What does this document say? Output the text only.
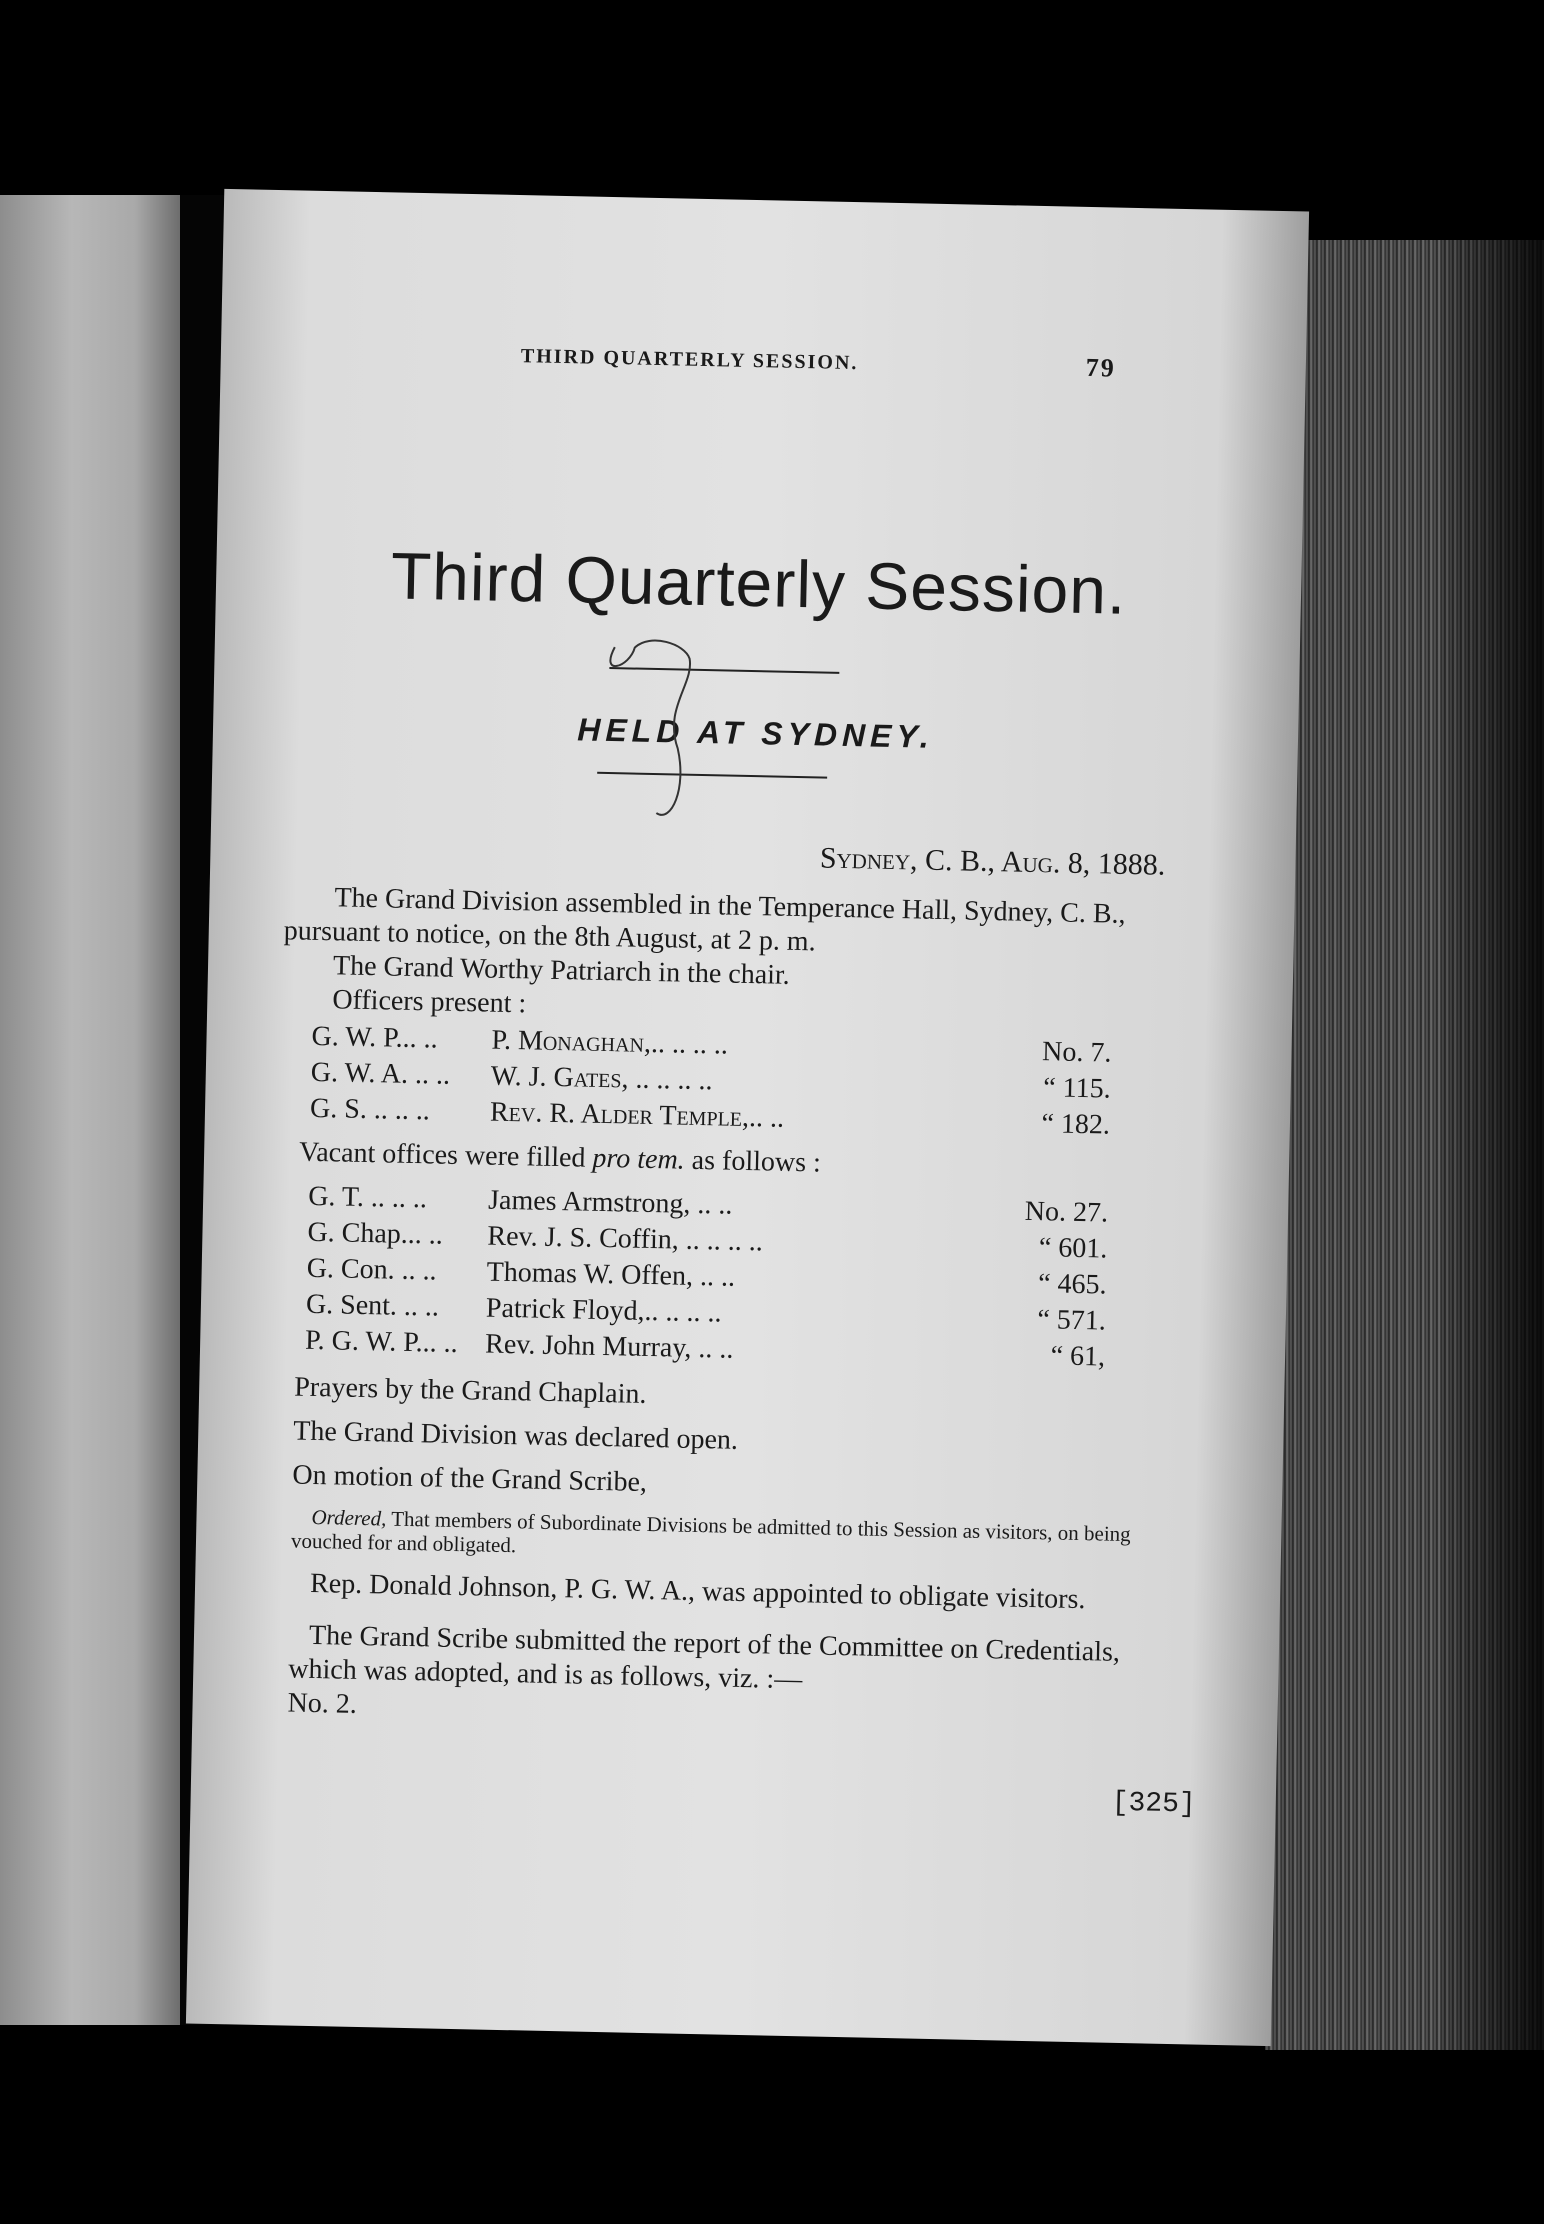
THIRD QUARTERLY SESSION.	79
Third Quarterly Session.
HELD AT SYDNEY.
Sydney, C. B., Aug. 8, 1888.

The Grand Division assembled in the Temperance Hall, Sydney, C. B., pursuant to notice, on the 8th August, at 2 p. m.

The Grand Worthy Patriarch in the chair.

Officers present :

G. W. P... .. P. Monaghan,.. .. .. ..	No. 7.
G. W. A. .. .. W. J. Gates, .. .. .. ..	“ 115.
G. S. .. .. .. Rev. R. Alder Temple,.. ..	“ 182.
Vacant offices were filled pro tem. as follows :
G. T. .. .. .. James Armstrong, .. ..	No. 27.
G. Chap... .. Rev. J. S. Coffin, .. .. .. ..	“ 601.
G. Con. .. .. Thomas W. Offen, .. ..	“ 465.
G. Sent. .. .. Patrick Floyd,.. .. .. ..	“ 571.
P. G. W. P... .. Rev. John Murray, .. ..	“ 61,

Prayers by the Grand Chaplain.

The Grand Division was declared open.

On motion of the Grand Scribe,

Ordered, That members of Subordinate Divisions be admitted to this Session as visitors, on being vouched for and obligated.

Rep. Donald Johnson, P. G. W. A., was appointed to obligate visitors.

The Grand Scribe submitted the report of the Committee on Credentials, which was adopted, and is as follows, viz. :—

No. 2.

[325]
